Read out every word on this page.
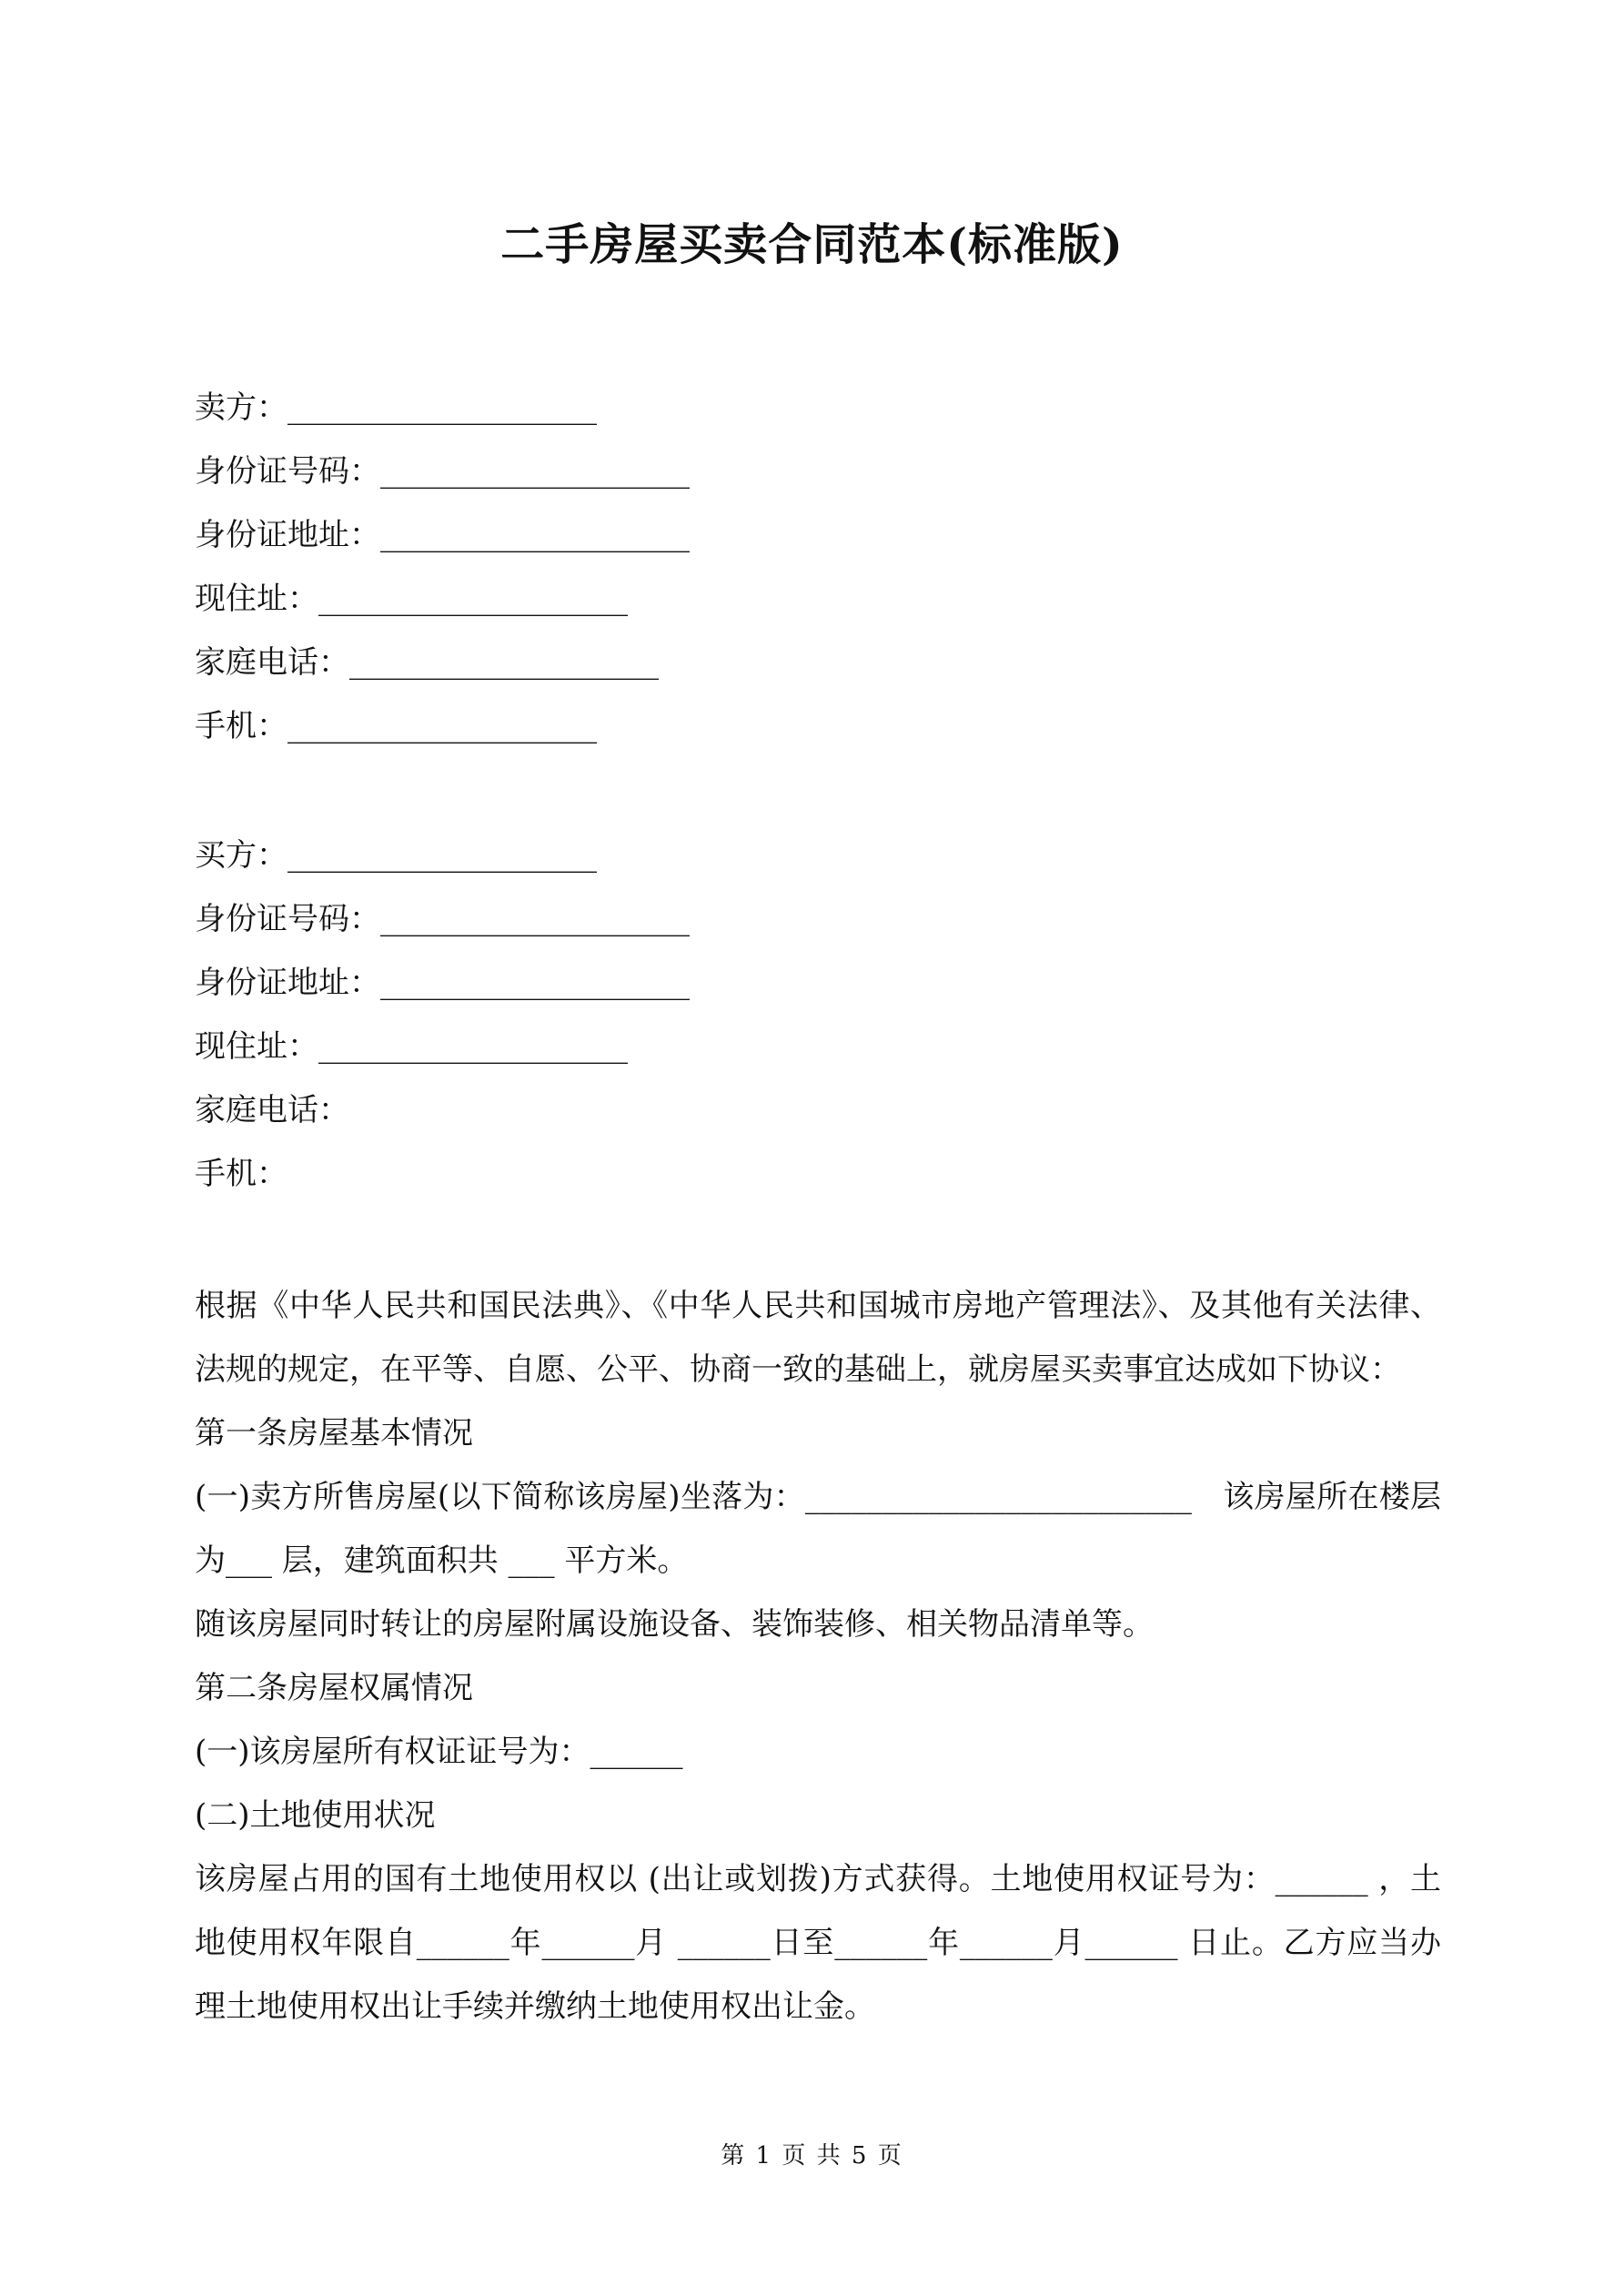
二手房屋买卖合同范本(标准版)
卖方：____________________
身份证号码：____________________
身份证地址：____________________
现住址：____________________
家庭电话：____________________
手机：____________________
买方：____________________
身份证号码：____________________
身份证地址：____________________
现住址：____________________
家庭电话：
手机：

根据《中华人民共和国民法典》、《中华人民共和国城市房地产管理法》、及其他有关法律、法规的规定，在平等、自愿、公平、协商一致的基础上，就房屋买卖事宜达成如下协议：

第一条房屋基本情况

(一)卖方所售房屋(以下简称该房屋)坐落为：_________________________　该房屋所在楼层为___ 层，建筑面积共 ___ 平方米。

随该房屋同时转让的房屋附属设施设备、装饰装修、相关物品清单等。

第二条房屋权属情况

(一)该房屋所有权证证号为：______

(二)土地使用状况

该房屋占用的国有土地使用权以 (出让或划拨)方式获得。土地使用权证号为：______ ，土地使用权年限自______年______月 ______日至______年______月______ 日止。乙方应当办理土地使用权出让手续并缴纳土地使用权出让金。

第 1 页 共 5 页
